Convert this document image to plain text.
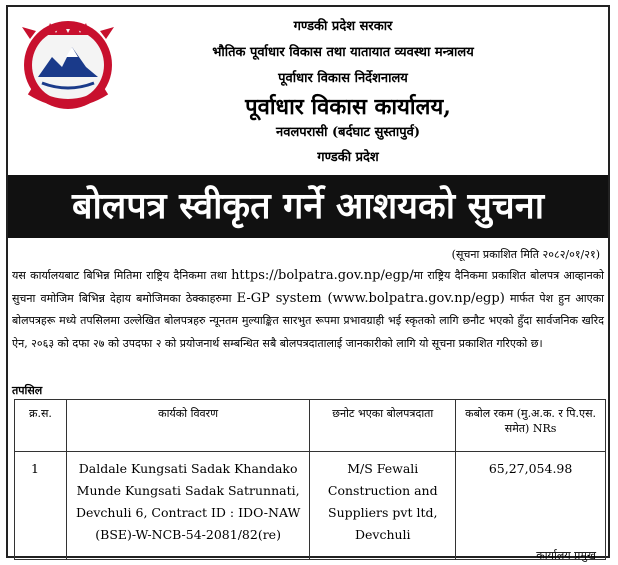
गण्डकी प्रदेश सरकार
भौतिक पूर्वाधार विकास तथा यातायात व्यवस्था मन्त्रालय
पूर्वाधार विकास निर्देशनालय
पूर्वाधार विकास कार्यालय,
नवलपरासी (बर्दघाट सुस्तापुर्व)
गण्डकी प्रदेश
बोलपत्र स्वीकृत गर्ने आशयको सुचना
(सूचना प्रकाशित मिति २०८२/०१/२१)
यस कार्यालयबाट बिभिन्न मितिमा राष्ट्रिय दैनिकमा तथा https://bolpatra.gov.np/egp/मा राष्ट्रिय दैनिकमा प्रकाशित बोलपत्र आव्हानको सुचना वमोजिम बिभिन्न देहाय बमोजिमका ठेक्काहरुमा E-GP system (www.bolpatra.gov.np/egp) मार्फत पेश हुन आएका बोलपत्रहरू मध्ये तपसिलमा उल्लेखित बोलपत्रहरु न्यूनतम मुल्याङ्कित सारभुत रूपमा प्रभावग्राही भई स्कृतको लागि छनौट भएको हुँदा सार्वजनिक खरिद ऐन, २०६३ को दफा २७ को उपदफा २ को प्रयोजनार्थ सम्बन्धित सबै बोलपत्रदातालाई जानकारीको लागि यो सूचना प्रकाशित गरिएको छ।
तपसिल
क्र.स.	कार्यको विवरण	छनोट भएका बोलपत्रदाता	कबोल रकम (मु.अ.क. र पि.एस. समेत) NRs
1	Daldale Kungsati Sadak Khandako Munde Kungsati Sadak Satrunnati, Devchuli 6, Contract ID : IDO-NAW (BSE)-W-NCB-54-2081/82(re)	M/S Fewali Construction and Suppliers pvt ltd, Devchuli	65,27,054.98
कार्यालय प्रमुख
